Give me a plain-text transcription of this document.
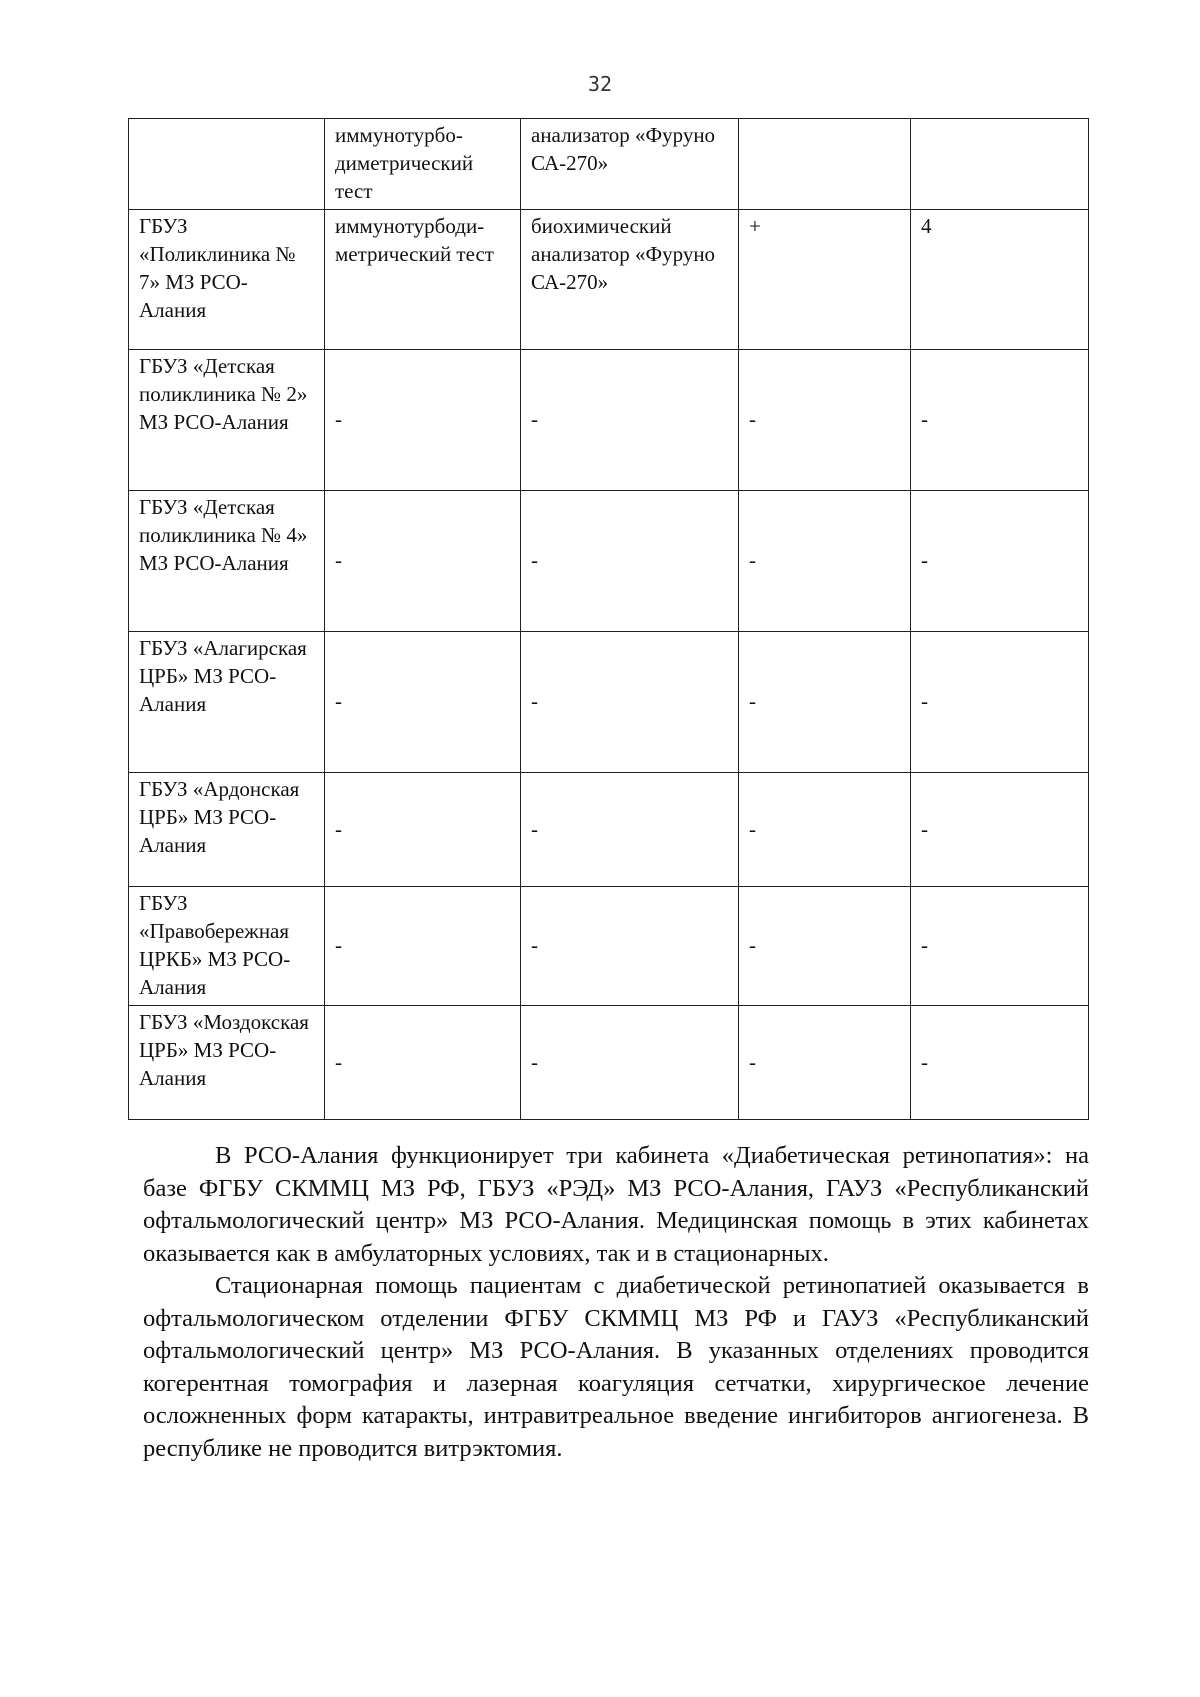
32
	иммунотурбо-диметрический тест	анализатор «Фуруно СА-270»		
ГБУЗ «Поликлиника № 7» МЗ РСО-Алания	иммунотурбоди-метрический тест	биохимический анализатор «Фуруно СА-270»	+	4
ГБУЗ «Детская поликлиника № 2» МЗ РСО-Алания	-	-	-	-
ГБУЗ «Детская поликлиника № 4» МЗ РСО-Алания	-	-	-	-
ГБУЗ «Алагирская ЦРБ» МЗ РСО-Алания	-	-	-	-
ГБУЗ «Ардонская ЦРБ» МЗ РСО-Алания	-	-	-	-
ГБУЗ «Правобережная ЦРКБ» МЗ РСО-Алания	-	-	-	-
ГБУЗ «Моздокская ЦРБ» МЗ РСО-Алания	-	-	-	-

В РСО-Алания функционирует три кабинета «Диабетическая ретинопатия»: на базе ФГБУ СКММЦ МЗ РФ, ГБУЗ «РЭД» МЗ РСО-Алания, ГАУЗ «Республиканский офтальмологический центр» МЗ РСО-Алания. Медицинская помощь в этих кабинетах оказывается как в амбулаторных условиях, так и в стационарных.

Стационарная помощь пациентам с диабетической ретинопатией оказывается в офтальмологическом отделении ФГБУ СКММЦ МЗ РФ и ГАУЗ «Республиканский офтальмологический центр» МЗ РСО-Алания. В указанных отделениях проводится когерентная томография и лазерная коагуляция сетчатки, хирургическое лечение осложненных форм катаракты, интравитреальное введение ингибиторов ангиогенеза. В республике не проводится витрэктомия.
